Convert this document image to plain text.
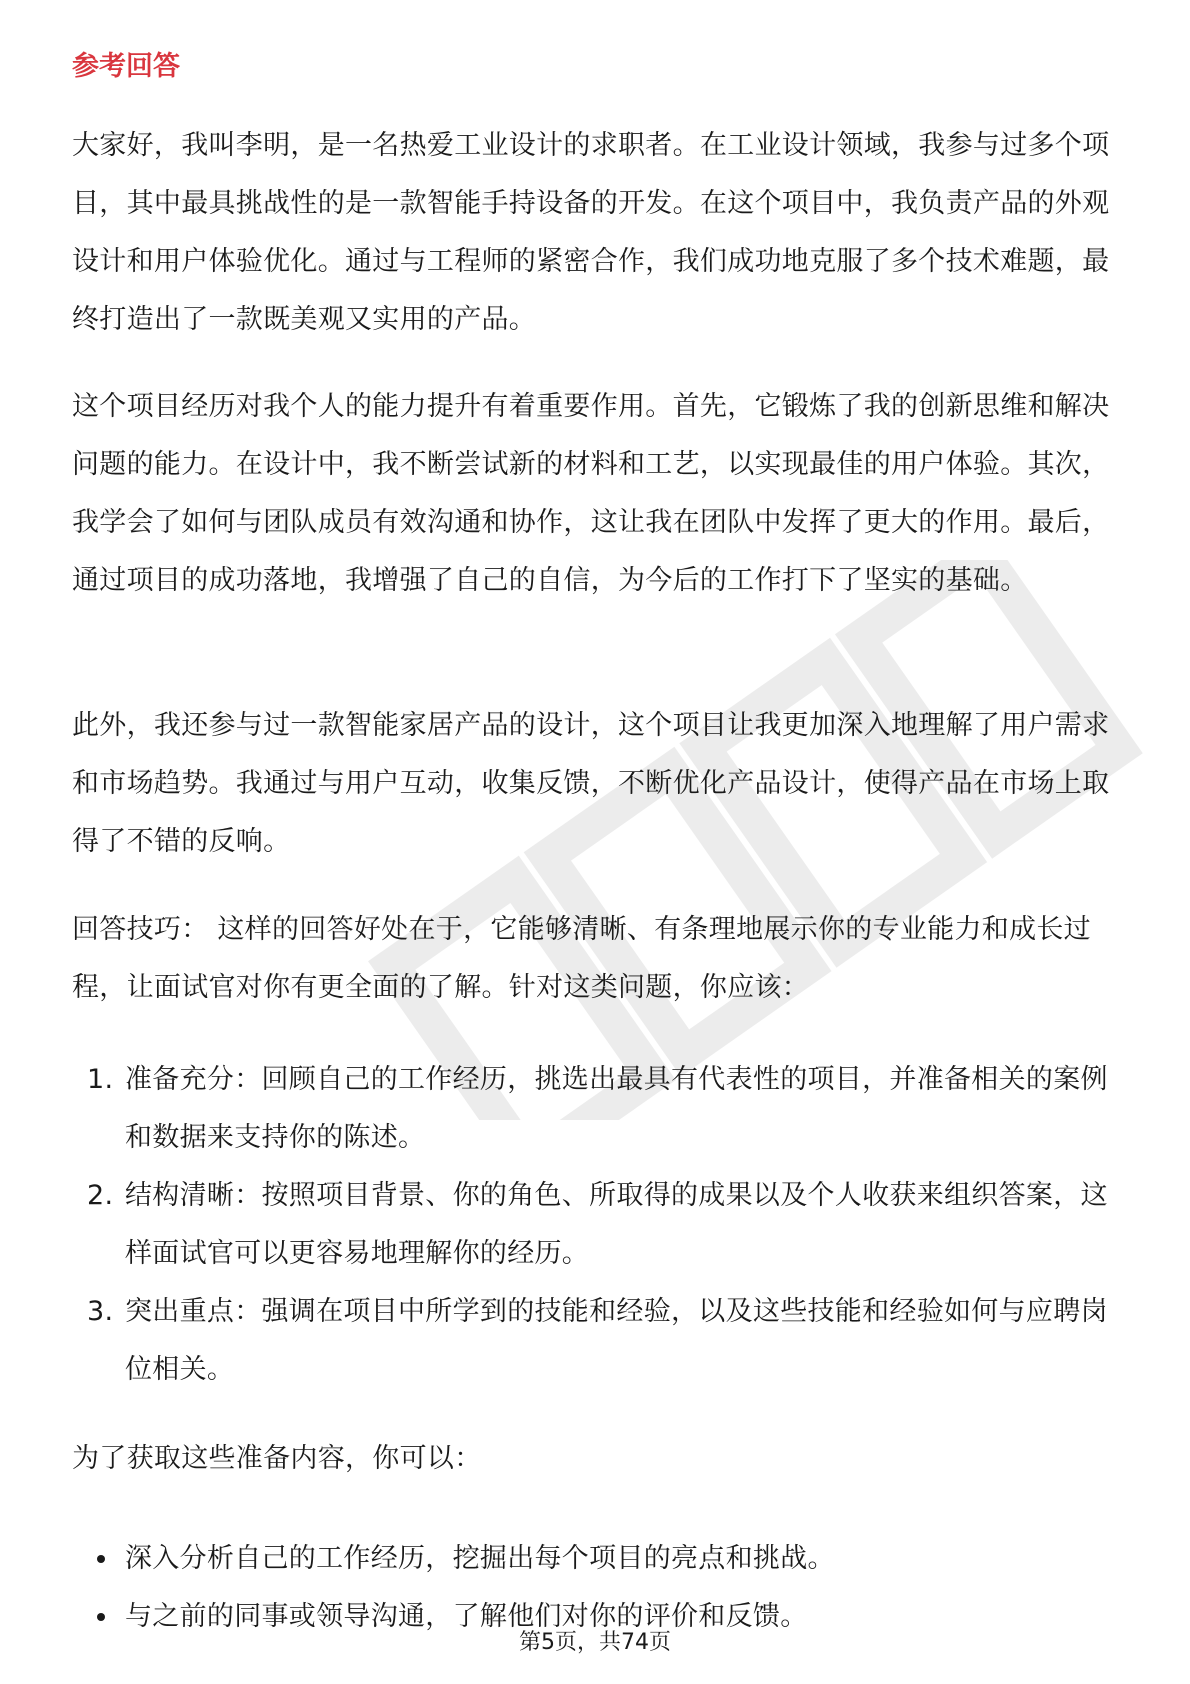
参考回答

大家好，我叫李明，是一名热爱工业设计的求职者。在工业设计领域，我参与过多个项目，其中最具挑战性的是一款智能手持设备的开发。在这个项目中，我负责产品的外观设计和用户体验优化。通过与工程师的紧密合作，我们成功地克服了多个技术难题，最终打造出了一款既美观又实用的产品。

这个项目经历对我个人的能力提升有着重要作用。首先，它锻炼了我的创新思维和解决问题的能力。在设计中，我不断尝试新的材料和工艺，以实现最佳的用户体验。其次，我学会了如何与团队成员有效沟通和协作，这让我在团队中发挥了更大的作用。最后，通过项目的成功落地，我增强了自己的自信，为今后的工作打下了坚实的基础。

此外，我还参与过一款智能家居产品的设计，这个项目让我更加深入地理解了用户需求和市场趋势。我通过与用户互动，收集反馈，不断优化产品设计，使得产品在市场上取得了不错的反响。

回答技巧： 这样的回答好处在于，它能够清晰、有条理地展示你的专业能力和成长过程，让面试官对你有更全面的了解。针对这类问题，你应该：

1. 准备充分：回顾自己的工作经历，挑选出最具有代表性的项目，并准备相关的案例和数据来支持你的陈述。
2. 结构清晰：按照项目背景、你的角色、所取得的成果以及个人收获来组织答案，这样面试官可以更容易地理解你的经历。
3. 突出重点：强调在项目中所学到的技能和经验，以及这些技能和经验如何与应聘岗位相关。

为了获取这些准备内容，你可以：

深入分析自己的工作经历，挖掘出每个项目的亮点和挑战。
与之前的同事或领导沟通，了解他们对你的评价和反馈。
第5页，共74页
